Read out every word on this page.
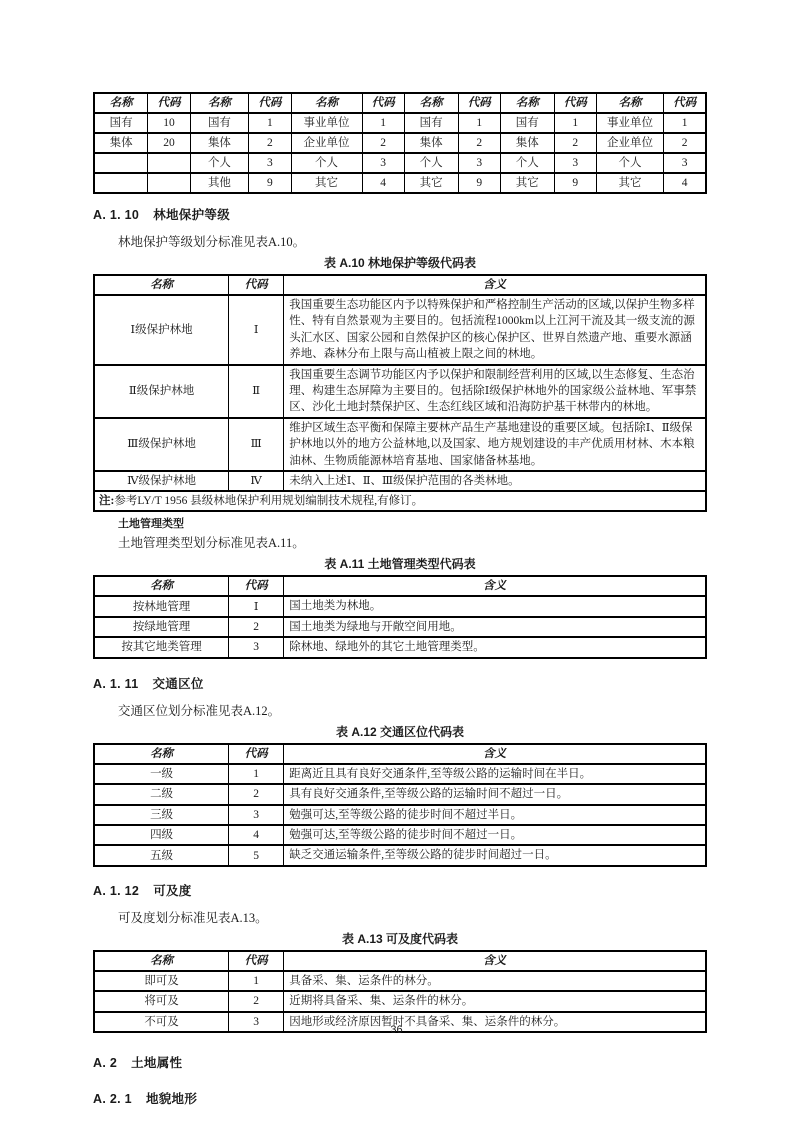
名称	代码	名称	代码	名称	代码	名称	代码	名称	代码	名称	代码
国有	10	国有	1	事业单位	1	国有	1	国有	1	事业单位	1
集体	20	集体	2	企业单位	2	集体	2	集体	2	企业单位	2
		个人	3	个人	3	个人	3	个人	3	个人	3
		其他	9	其它	4	其它	9	其它	9	其它	4
A. 1. 10 林地保护等级

林地保护等级划分标准见表A.10。

表 A.10 林地保护等级代码表
名称	代码	含义
Ⅰ级保护林地	Ⅰ	我国重要生态功能区内予以特殊保护和严格控制生产活动的区域,以保护生物多样性、特有自然景观为主要目的。包括流程1000km以上江河干流及其一级支流的源头汇水区、国家公园和自然保护区的核心保护区、世界自然遗产地、重要水源涵养地、森林分布上限与高山植被上限之间的林地。
Ⅱ级保护林地	Ⅱ	我国重要生态调节功能区内予以保护和限制经营利用的区域,以生态修复、生态治理、构建生态屏障为主要目的。包括除Ⅰ级保护林地外的国家级公益林地、军事禁区、沙化土地封禁保护区、生态红线区域和沿海防护基干林带内的林地。
Ⅲ级保护林地	Ⅲ	维护区域生态平衡和保障主要林产品生产基地建设的重要区域。包括除Ⅰ、Ⅱ级保护林地以外的地方公益林地,以及国家、地方规划建设的丰产优质用材林、木本粮油林、生物质能源林培育基地、国家储备林基地。
Ⅳ级保护林地	Ⅳ	未纳入上述Ⅰ、Ⅱ、Ⅲ级保护范围的各类林地。
注:参考LY/T 1956 县级林地保护利用规划编制技术规程,有修订。		
土地管理类型

土地管理类型划分标准见表A.11。

表 A.11 土地管理类型代码表
名称	代码	含义
按林地管理	Ⅰ	国土地类为林地。
按绿地管理	2	国土地类为绿地与开敞空间用地。
按其它地类管理	3	除林地、绿地外的其它土地管理类型。
A. 1. 11 交通区位

交通区位划分标准见表A.12。

表 A.12 交通区位代码表
名称	代码	含义
一级	1	距离近且具有良好交通条件,至等级公路的运输时间在半日。
二级	2	具有良好交通条件,至等级公路的运输时间不超过一日。
三级	3	勉强可达,至等级公路的徒步时间不超过半日。
四级	4	勉强可达,至等级公路的徒步时间不超过一日。
五级	5	缺乏交通运输条件,至等级公路的徒步时间超过一日。
A. 1. 12 可及度

可及度划分标准见表A.13。

表 A.13 可及度代码表
名称	代码	含义
即可及	1	具备采、集、运条件的林分。
将可及	2	近期将具备采、集、运条件的林分。
不可及	3	因地形或经济原因暂时不具备采、集、运条件的林分。
A. 2 土地属性
A. 2. 1 地貌地形
36
